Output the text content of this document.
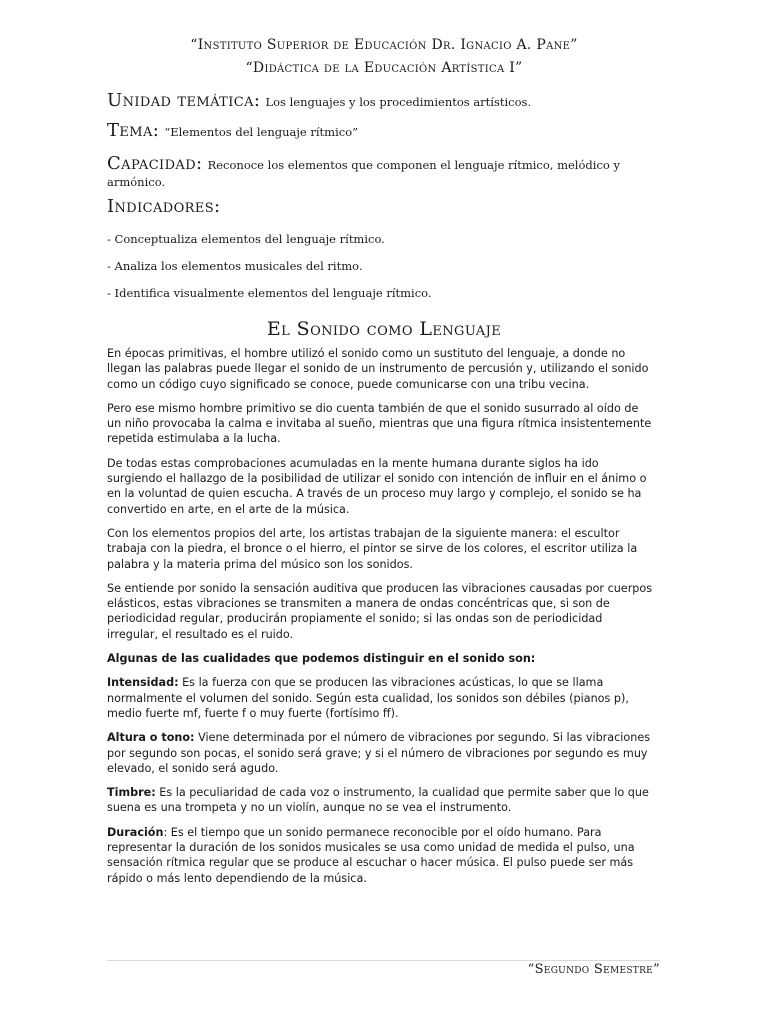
“Instituto Superior de Educación Dr. Ignacio A. Pane”
“Didáctica de la Educación Artística I”
Unidad temática: Los lenguajes y los procedimientos artísticos.
Tema: “Elementos del lenguaje rítmico”
Capacidad: Reconoce los elementos que componen el lenguaje rítmico, melódico y armónico.
Indicadores:
- Conceptualiza elementos del lenguaje rítmico.
- Analiza los elementos musicales del ritmo.
- Identifica visualmente elementos del lenguaje rítmico.
El Sonido como Lenguaje

En épocas primitivas, el hombre utilizó el sonido como un sustituto del lenguaje, a donde no llegan las palabras puede llegar el sonido de un instrumento de percusión y, utilizando el sonido como un código cuyo significado se conoce, puede comunicarse con una tribu vecina.

Pero ese mismo hombre primitivo se dio cuenta también de que el sonido susurrado al oído de un niño provocaba la calma e invitaba al sueño, mientras que una figura rítmica insistentemente repetida estimulaba a la lucha.

De todas estas comprobaciones acumuladas en la mente humana durante siglos ha ido surgiendo el hallazgo de la posibilidad de utilizar el sonido con intención de influir en el ánimo o en la voluntad de quien escucha. A través de un proceso muy largo y complejo, el sonido se ha convertido en arte, en el arte de la música.

Con los elementos propios del arte, los artistas trabajan de la siguiente manera: el escultor trabaja con la piedra, el bronce o el hierro, el pintor se sirve de los colores, el escritor utiliza la palabra y la materia prima del músico son los sonidos.

Se entiende por sonido la sensación auditiva que producen las vibraciones causadas por cuerpos elásticos, estas vibraciones se transmiten a manera de ondas concéntricas que, si son de periodicidad regular, producirán propiamente el sonido; si las ondas son de periodicidad irregular, el resultado es el ruido.

Algunas de las cualidades que podemos distinguir en el sonido son:

Intensidad: Es la fuerza con que se producen las vibraciones acústicas, lo que se llama normalmente el volumen del sonido. Según esta cualidad, los sonidos son débiles (pianos p), medio fuerte mf, fuerte f o muy fuerte (fortísimo ff).

Altura o tono: Viene determinada por el número de vibraciones por segundo. Si las vibraciones por segundo son pocas, el sonido será grave; y si el número de vibraciones por segundo es muy elevado, el sonido será agudo.

Timbre: Es la peculiaridad de cada voz o instrumento, la cualidad que permite saber que lo que suena es una trompeta y no un violín, aunque no se vea el instrumento.

Duración: Es el tiempo que un sonido permanece reconocible por el oído humano. Para representar la duración de los sonidos musicales se usa como unidad de medida el pulso, una sensación rítmica regular que se produce al escuchar o hacer música. El pulso puede ser más rápido o más lento dependiendo de la música.

“Segundo Semestre”
